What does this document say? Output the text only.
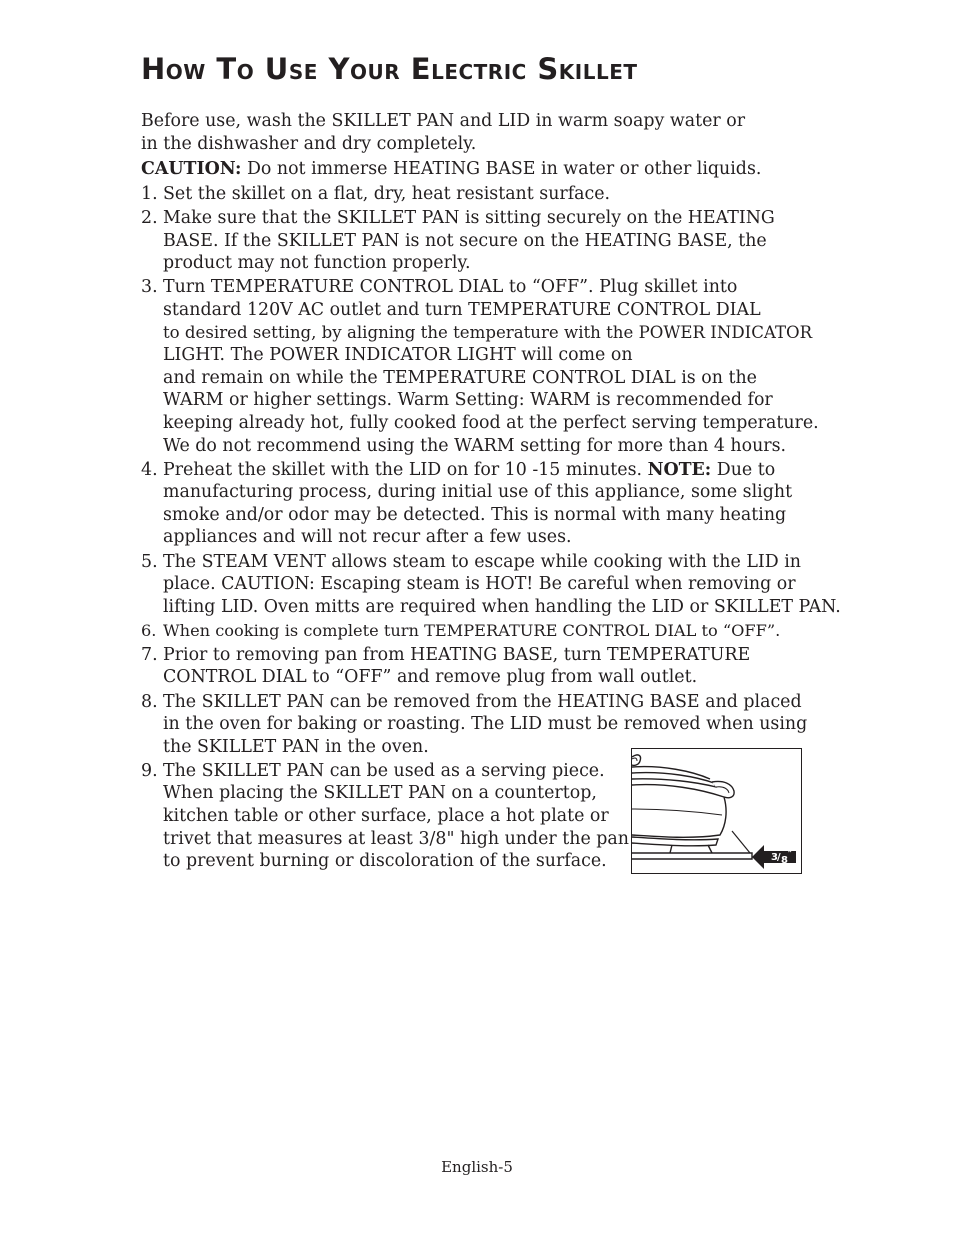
How To Use Your Electric Skillet

Before use, wash the SKILLET PAN and LID in warm soapy water or
in the dishwasher and dry completely.

CAUTION: Do not immerse HEATING BASE in water or other liquids.

1. Set the skillet on a flat, dry, heat resistant surface.
2. Make sure that the SKILLET PAN is sitting securely on the HEATING
BASE. If the SKILLET PAN is not secure on the HEATING BASE, the
product may not function properly.
3. Turn TEMPERATURE CONTROL DIAL to “OFF”. Plug skillet into
standard 120V AC outlet and turn TEMPERATURE CONTROL DIAL
to desired setting, by aligning the temperature with the POWER INDICATOR
LIGHT. The POWER INDICATOR LIGHT will come on
and remain on while the TEMPERATURE CONTROL DIAL is on the
WARM or higher settings. Warm Setting: WARM is recommended for
keeping already hot, fully cooked food at the perfect serving temperature.
We do not recommend using the WARM setting for more than 4 hours.
4. Preheat the skillet with the LID on for 10 -15 minutes. NOTE: Due to
manufacturing process, during initial use of this appliance, some slight
smoke and/or odor may be detected. This is normal with many heating
appliances and will not recur after a few uses.
5. The STEAM VENT allows steam to escape while cooking with the LID in
place. CAUTION: Escaping steam is HOT! Be careful when removing or
lifting LID. Oven mitts are required when handling the LID or SKILLET PAN.
6. When cooking is complete turn TEMPERATURE CONTROL DIAL to “OFF”.
7. Prior to removing pan from HEATING BASE, turn TEMPERATURE
CONTROL DIAL to “OFF” and remove plug from wall outlet.
8. The SKILLET PAN can be removed from the HEATING BASE and placed
in the oven for baking or roasting. The LID must be removed when using
the SKILLET PAN in the oven.
9. The SKILLET PAN can be used as a serving piece.
When placing the SKILLET PAN on a countertop,
kitchen table or other surface, place a hot plate or
trivet that measures at least 3/8" high under the pan
to prevent burning or discoloration of the surface.	3 / 8 ″
English-5
